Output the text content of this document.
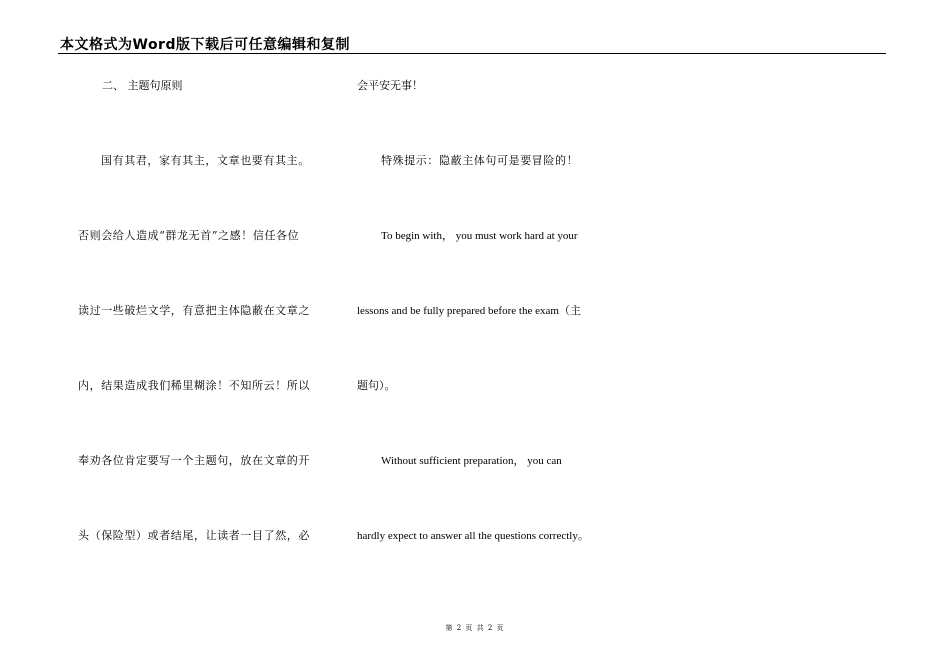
本文格式为Word版下载后可任意编辑和复制
二、 主题句原则
国有其君，家有其主，文章也要有其主。
否则会给人造成“群龙无首”之感！信任各位
读过一些破烂文学，有意把主体隐蔽在文章之
内，结果造成我们稀里糊涂！不知所云！所以
奉劝各位肯定要写一个主题句，放在文章的开
头（保险型）或者结尾，让读者一目了然，必
会平安无事！
特殊提示：隐蔽主体句可是要冒险的！
To begin with， you must work hard at your
lessons and be fully prepared before the exam（主
题句）。
Without sufficient preparation， you can
hardly expect to answer all the questions correctly。
第 2 页 共 2 页
